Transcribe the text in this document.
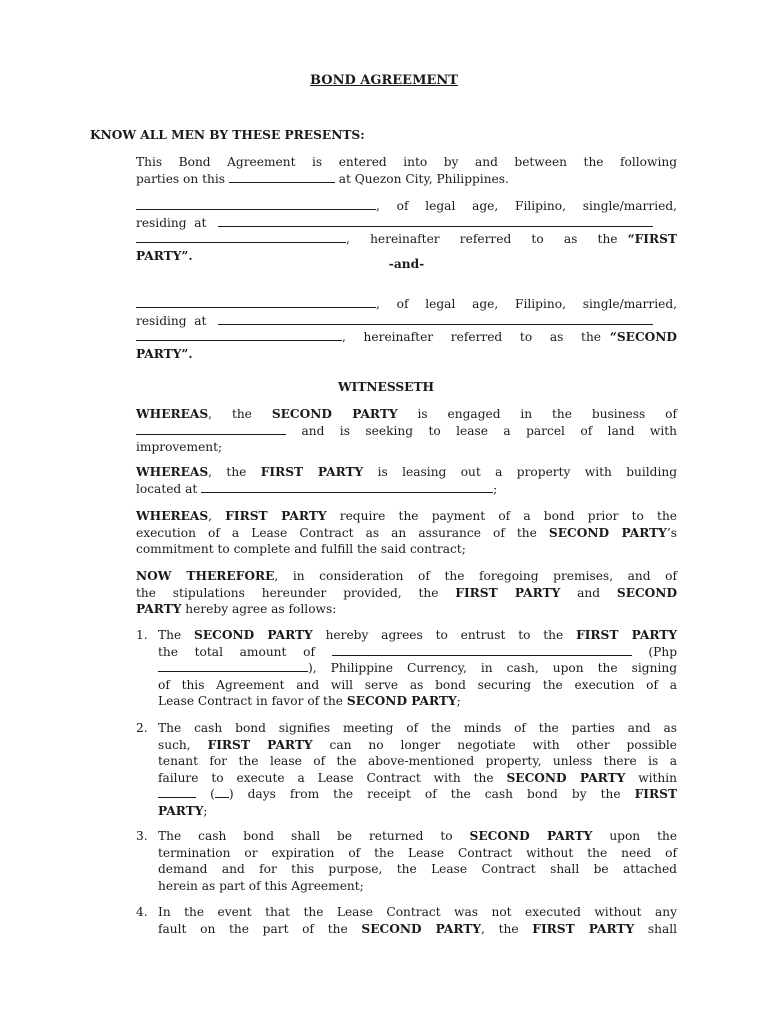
BOND AGREEMENT
KNOW ALL MEN BY THESE PRESENTS:
This Bond Agreement is entered into by and between the following
parties on this	at Quezon City, Philippines.
, of legal age, Filipino, single/married,
residing  at
,  hereinafter  referred  to  as  the “FIRST
PARTY”.
-and-
, of legal age, Filipino, single/married,
residing  at
,  hereinafter  referred  to  as  the “SECOND
PARTY”.
WITNESSETH
WHEREAS, the SECOND PARTY is engaged in the business of
and is seeking to lease a parcel of land with
improvement;
WHEREAS, the FIRST PARTY is leasing out a property with building
located at	;
WHEREAS, FIRST PARTY require the payment of a bond prior to the
execution of a Lease Contract as an assurance of the SECOND PARTY’s
commitment to complete and fulfill the said contract;
NOW THEREFORE, in consideration of the foregoing premises, and of
the stipulations hereunder provided, the FIRST PARTY and SECOND
PARTY hereby agree as follows:
1. The SECOND PARTY hereby agrees to entrust to the FIRST PARTY
the total amount of	(Php
), Philippine Currency, in cash, upon the signing
of this Agreement and will serve as bond securing the execution of a
Lease Contract in favor of the SECOND PARTY;
2. The cash bond signifies meeting of the minds of the parties and as
such, FIRST PARTY can no longer negotiate with other possible
tenant for the lease of the above-mentioned property, unless there is a
failure to execute a Lease Contract with the SECOND PARTY within
( ) days from the receipt of the cash bond by the FIRST
PARTY;
3. The cash bond shall be returned to SECOND PARTY upon the
termination or expiration of the Lease Contract without the need of
demand and for this purpose, the Lease Contract shall be attached
herein as part of this Agreement;
4. In the event that the Lease Contract was not executed without any
fault on the part of the SECOND PARTY, the FIRST PARTY shall
